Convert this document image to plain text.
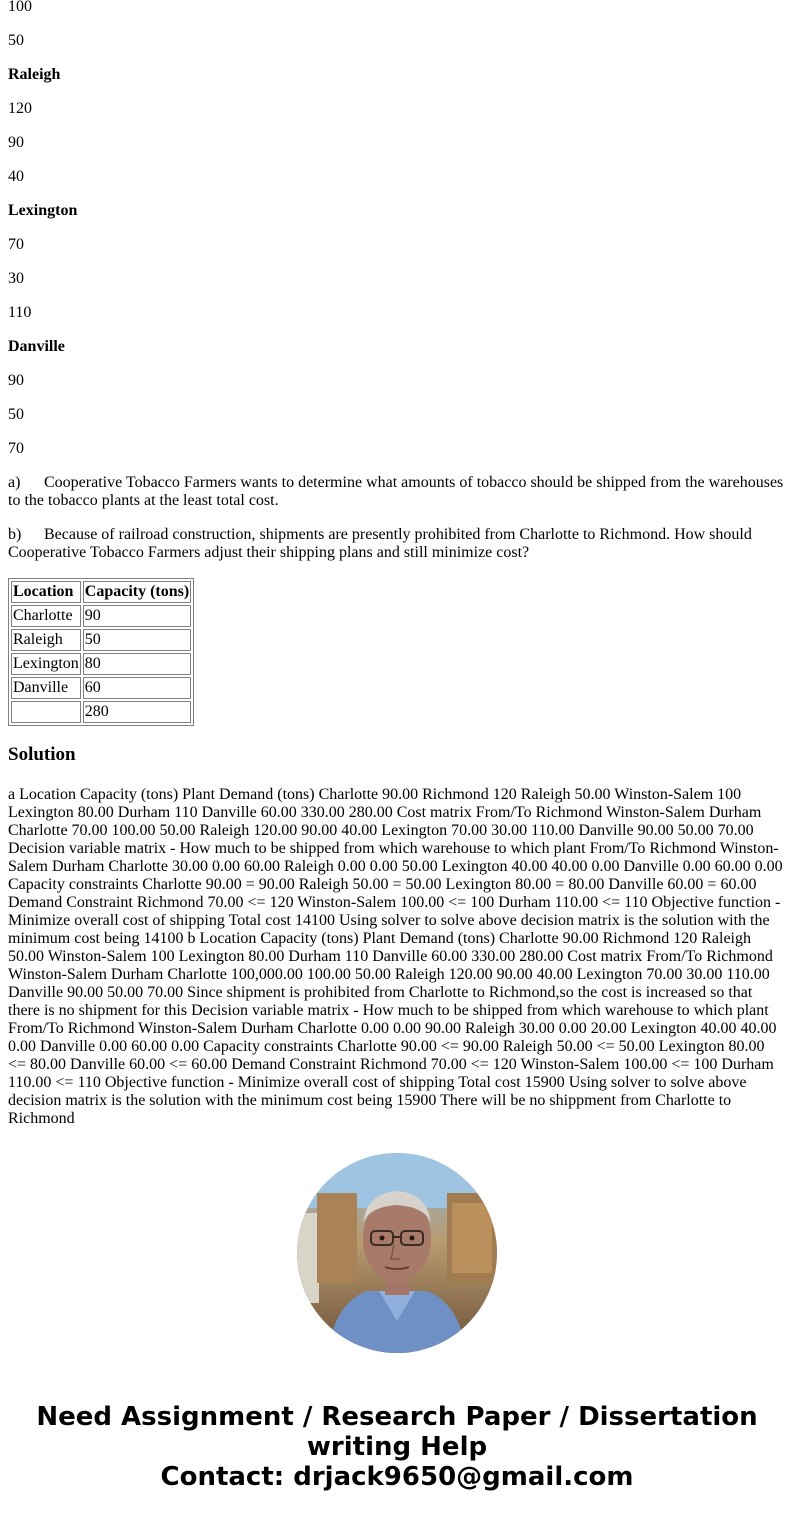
100

50

Raleigh

120

90

40

Lexington

70

30

110

Danville

90

50

70

a) Cooperative Tobacco Farmers wants to determine what amounts of tobacco should be shipped from the warehouses to the tobacco plants at the least total cost.

b) Because of railroad construction, shipments are presently prohibited from Charlotte to Richmond. How should Cooperative Tobacco Farmers adjust their shipping plans and still minimize cost?

Location	Capacity (tons)
Charlotte	90
Raleigh	50
Lexington	80
Danville	60
	280
Solution

a Location Capacity (tons) Plant Demand (tons) Charlotte 90.00 Richmond 120 Raleigh 50.00 Winston-Salem 100 Lexington 80.00 Durham 110 Danville 60.00 330.00 280.00 Cost matrix From/To Richmond Winston-Salem Durham Charlotte 70.00 100.00 50.00 Raleigh 120.00 90.00 40.00 Lexington 70.00 30.00 110.00 Danville 90.00 50.00 70.00 Decision variable matrix - How much to be shipped from which warehouse to which plant From/To Richmond Winston-Salem Durham Charlotte 30.00 0.00 60.00 Raleigh 0.00 0.00 50.00 Lexington 40.00 40.00 0.00 Danville 0.00 60.00 0.00 Capacity constraints Charlotte 90.00 = 90.00 Raleigh 50.00 = 50.00 Lexington 80.00 = 80.00 Danville 60.00 = 60.00 Demand Constraint Richmond 70.00 <= 120 Winston-Salem 100.00 <= 100 Durham 110.00 <= 110 Objective function - Minimize overall cost of shipping Total cost 14100 Using solver to solve above decision matrix is the solution with the minimum cost being 14100 b Location Capacity (tons) Plant Demand (tons) Charlotte 90.00 Richmond 120 Raleigh 50.00 Winston-Salem 100 Lexington 80.00 Durham 110 Danville 60.00 330.00 280.00 Cost matrix From/To Richmond Winston-Salem Durham Charlotte 100,000.00 100.00 50.00 Raleigh 120.00 90.00 40.00 Lexington 70.00 30.00 110.00 Danville 90.00 50.00 70.00 Since shipment is prohibited from Charlotte to Richmond,so the cost is increased so that there is no shipment for this Decision variable matrix - How much to be shipped from which warehouse to which plant From/To Richmond Winston-Salem Durham Charlotte 0.00 0.00 90.00 Raleigh 30.00 0.00 20.00 Lexington 40.00 40.00 0.00 Danville 0.00 60.00 0.00 Capacity constraints Charlotte 90.00 <= 90.00 Raleigh 50.00 <= 50.00 Lexington 80.00 <= 80.00 Danville 60.00 <= 60.00 Demand Constraint Richmond 70.00 <= 120 Winston-Salem 100.00 <= 100 Durham 110.00 <= 110 Objective function - Minimize overall cost of shipping Total cost 15900 Using solver to solve above decision matrix is the solution with the minimum cost being 15900 There will be no shippment from Charlotte to Richmond

Need Assignment / Research Paper / Dissertation
writing Help
Contact: drjack9650@gmail.com
